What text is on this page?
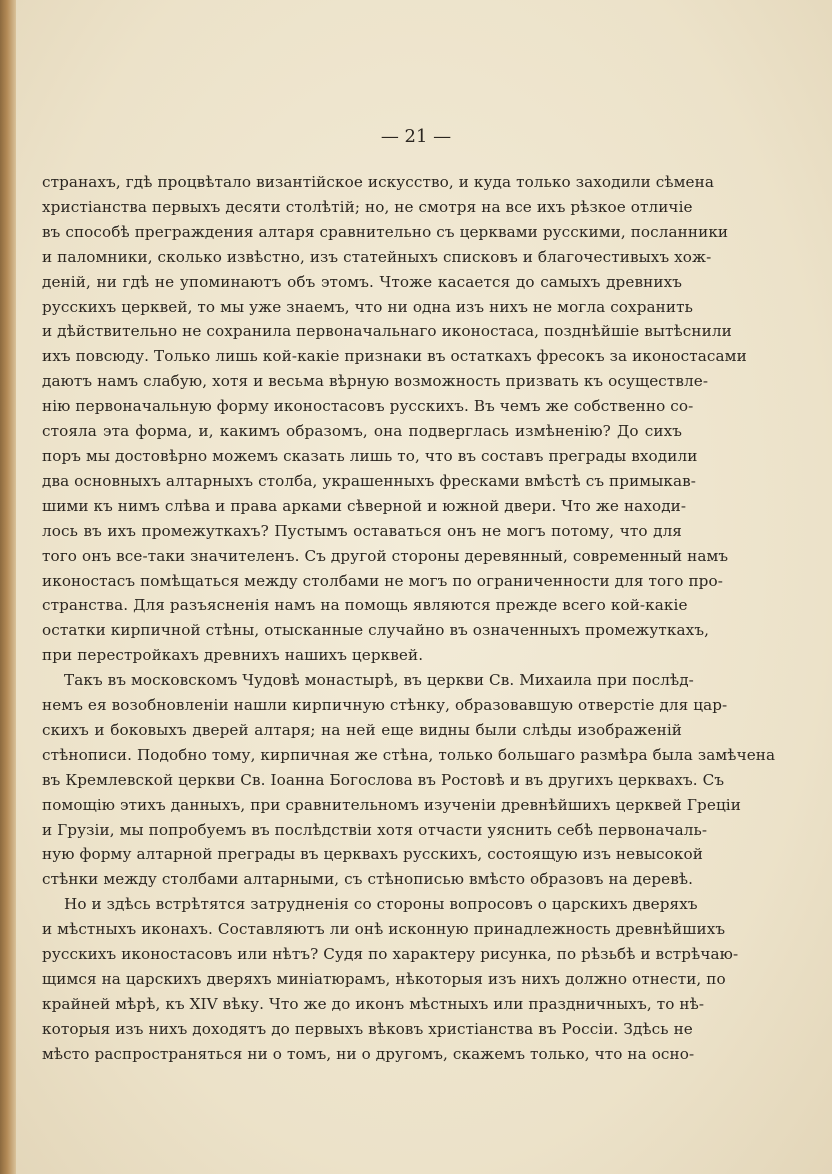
— 21 —
странахъ, гдѣ процвѣтало византійское искусство, и куда только заходили сѣмена
христіанства первыхъ десяти столѣтій; но, не смотря на все ихъ рѣзкое отличіе
въ способѣ преграждения алтаря сравнительно съ церквами русскими, посланники
и паломники, сколько извѣстно, изъ статейныхъ списковъ и благочестивыхъ хож-
деній, ни гдѣ не упоминаютъ объ этомъ. Чтоже касается до самыхъ древнихъ
русскихъ церквей, то мы уже знаемъ, что ни одна изъ нихъ не могла сохранить
и дѣйствительно не сохранила первоначальнаго иконостаса, позднѣйшіе вытѣснили
ихъ повсюду. Только лишь кой-какіе признаки въ остаткахъ фресокъ за иконостасами
даютъ намъ слабую, хотя и весьма вѣрную возможность призвать къ осуществле-
нію первоначальную форму иконостасовъ русскихъ. Въ чемъ же собственно со-
стояла эта форма, и, какимъ образомъ, она подверглась измѣненію? До сихъ
поръ мы достовѣрно можемъ сказать лишь то, что въ составъ преграды входили
два основныхъ алтарныхъ столба, украшенныхъ фресками вмѣстѣ съ примыкав-
шими къ нимъ слѣва и права арками сѣверной и южной двери. Что же находи-
лось въ ихъ промежуткахъ? Пустымъ оставаться онъ не могъ потому, что для
того онъ все-таки значителенъ. Съ другой стороны деревянный, современный намъ
иконостасъ помѣщаться между столбами не могъ по ограниченности для того про-
странства. Для разъясненія намъ на помощь являются прежде всего кой-какіе
остатки кирпичной стѣны, отысканные случайно въ означенныхъ промежуткахъ,
при перестройкахъ древнихъ нашихъ церквей.
Такъ въ московскомъ Чудовѣ монастырѣ, въ церкви Св. Михаила при послѣд-
немъ ея возобновленіи нашли кирпичную стѣнку, образовавшую отверстіе для цар-
скихъ и боковыхъ дверей алтаря; на ней еще видны были слѣды изображеній
стѣнописи. Подобно тому, кирпичная же стѣна, только большаго размѣра была замѣчена
въ Кремлевской церкви Св. Іоанна Богослова въ Ростовѣ и въ другихъ церквахъ. Съ
помощію этихъ данныхъ, при сравнительномъ изученіи древнѣйшихъ церквей Греціи
и Грузіи, мы попробуемъ въ послѣдствіи хотя отчасти уяснить себѣ первоначаль-
ную форму алтарной преграды въ церквахъ русскихъ, состоящую изъ невысокой
стѣнки между столбами алтарными, съ стѣнописью вмѣсто образовъ на деревѣ.
Но и здѣсь встрѣтятся затрудненія со стороны вопросовъ о царскихъ дверяхъ
и мѣстныхъ иконахъ. Составляютъ ли онѣ исконную принадлежность древнѣйшихъ
русскихъ иконостасовъ или нѣтъ? Судя по характеру рисунка, по рѣзьбѣ и встрѣчаю-
щимся на царскихъ дверяхъ миніатюрамъ, нѣкоторыя изъ нихъ должно отнести, по
крайней мѣрѣ, къ XIV вѣку. Что же до иконъ мѣстныхъ или праздничныхъ, то нѣ-
которыя изъ нихъ доходятъ до первыхъ вѣковъ христіанства въ Россіи. Здѣсь не
мѣсто распространяться ни о томъ, ни о другомъ, скажемъ только, что на осно-
